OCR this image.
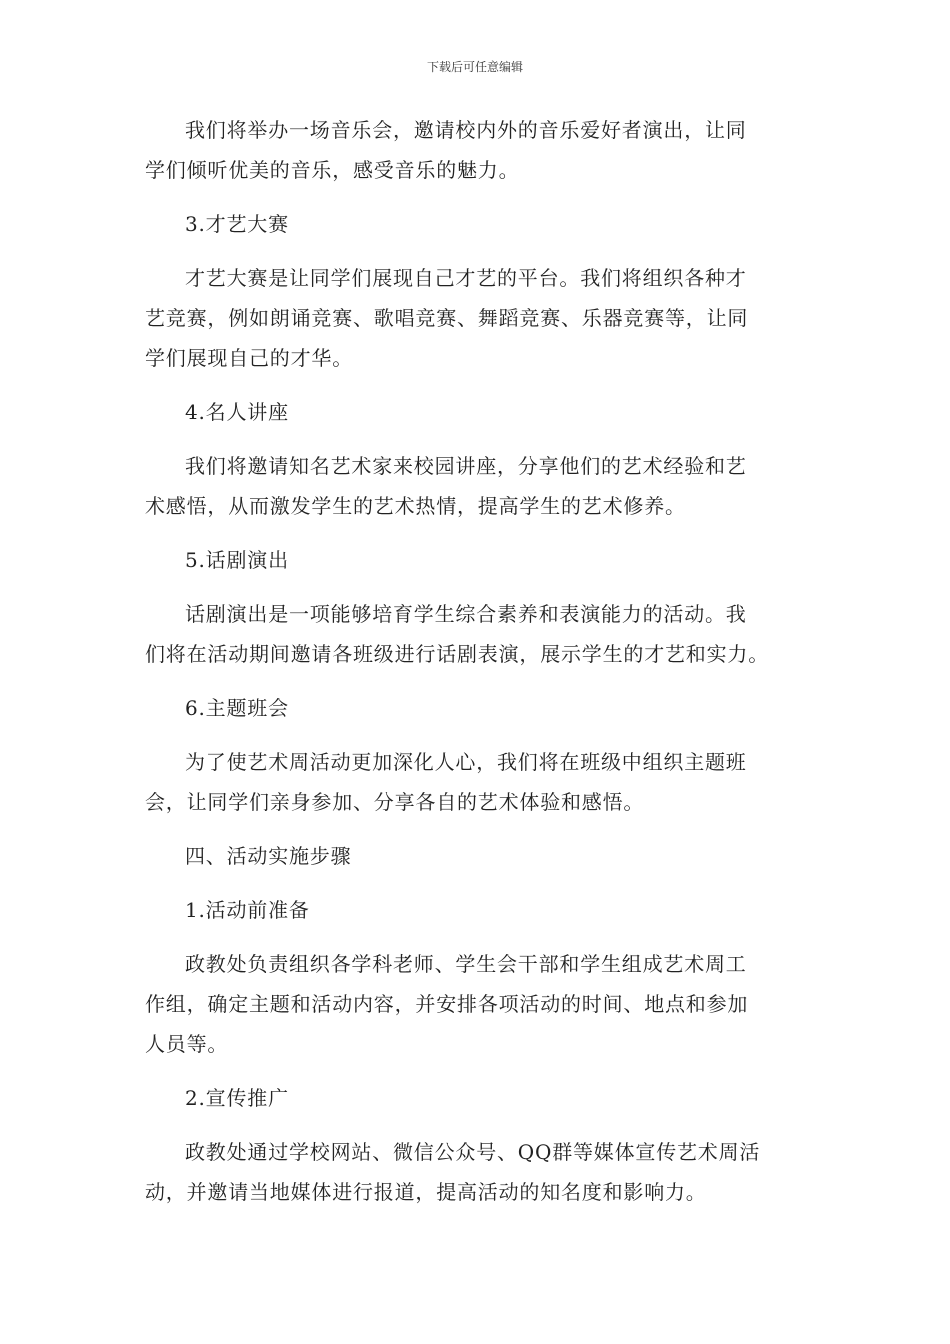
下载后可任意编辑

我们将举办一场音乐会，邀请校内外的音乐爱好者演出，让同
学们倾听优美的音乐，感受音乐的魅力。

3.才艺大赛

才艺大赛是让同学们展现自己才艺的平台。我们将组织各种才
艺竞赛，例如朗诵竞赛、歌唱竞赛、舞蹈竞赛、乐器竞赛等，让同
学们展现自己的才华。

4.名人讲座

我们将邀请知名艺术家来校园讲座，分享他们的艺术经验和艺
术感悟，从而激发学生的艺术热情，提高学生的艺术修养。

5.话剧演出

话剧演出是一项能够培育学生综合素养和表演能力的活动。我
们将在活动期间邀请各班级进行话剧表演，展示学生的才艺和实力。

6.主题班会

为了使艺术周活动更加深化人心，我们将在班级中组织主题班
会，让同学们亲身参加、分享各自的艺术体验和感悟。

四、活动实施步骤

1.活动前准备

政教处负责组织各学科老师、学生会干部和学生组成艺术周工
作组，确定主题和活动内容，并安排各项活动的时间、地点和参加
人员等。

2.宣传推广

政教处通过学校网站、微信公众号、QQ群等媒体宣传艺术周活
动，并邀请当地媒体进行报道，提高活动的知名度和影响力。
